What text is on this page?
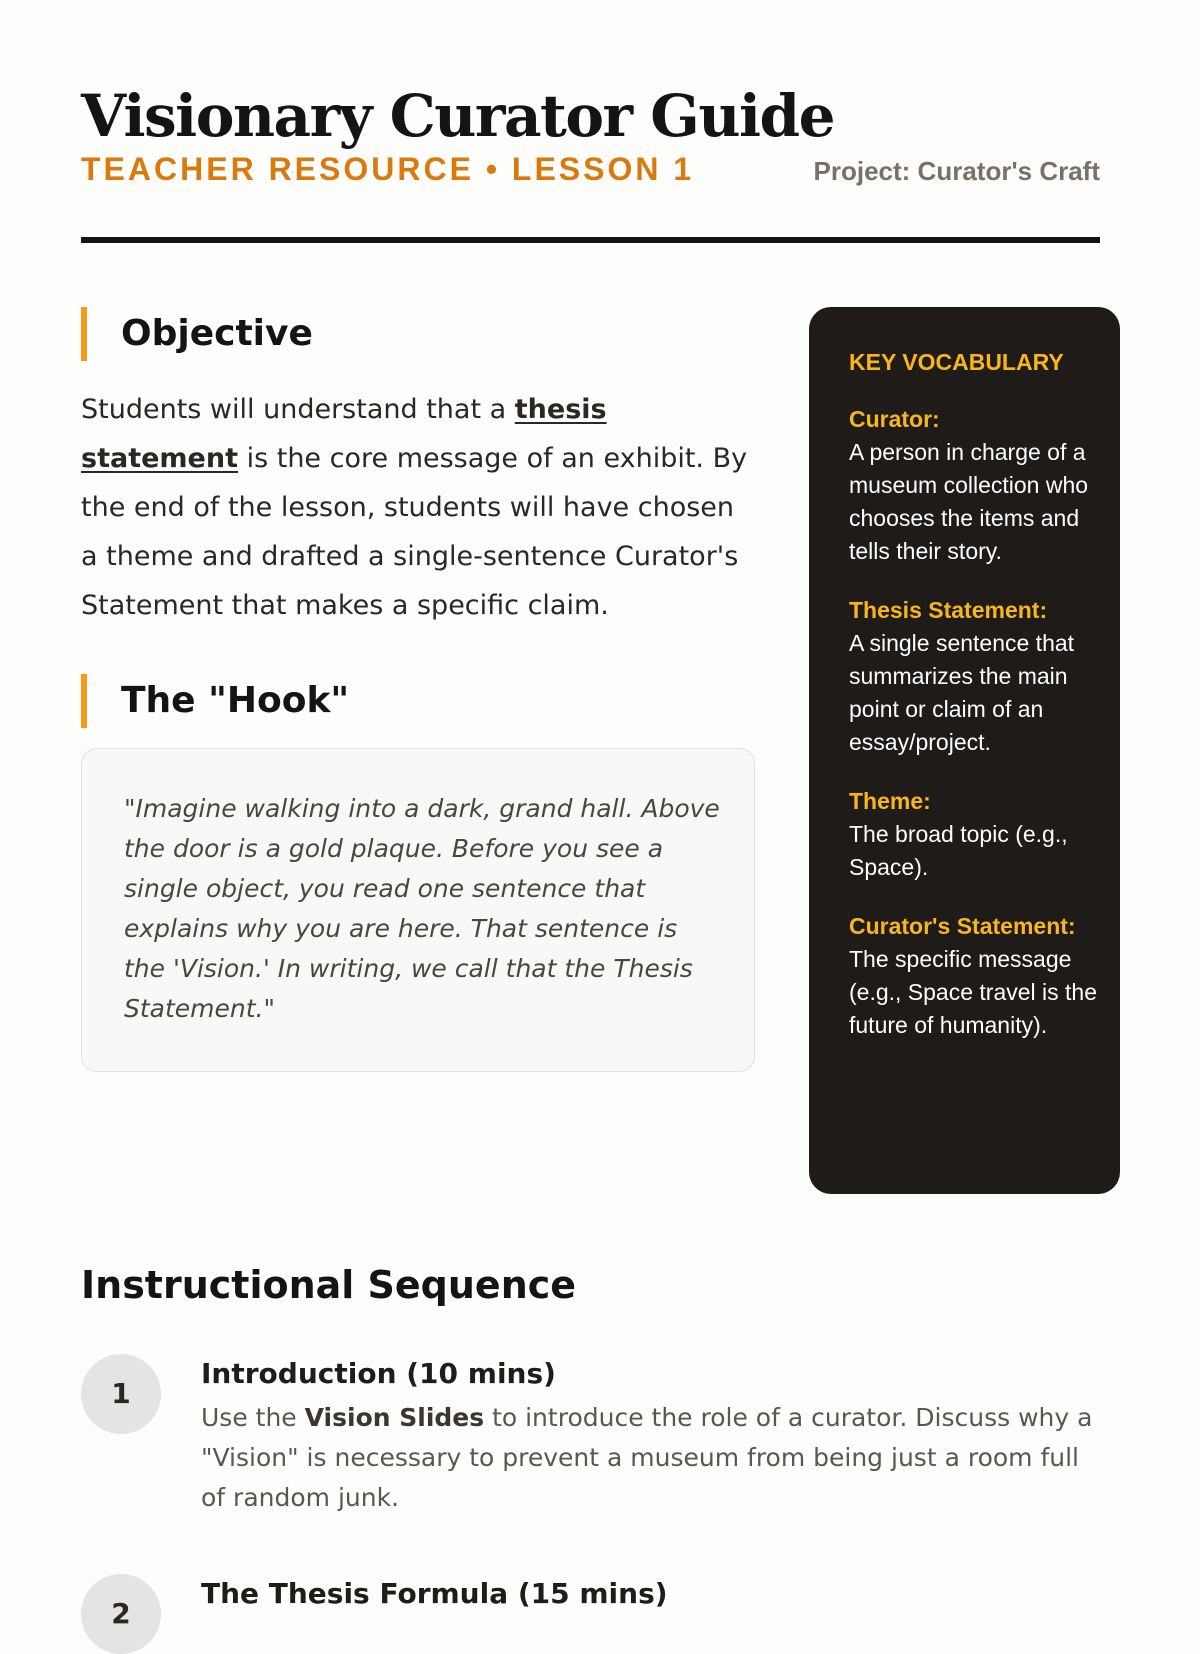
Visionary Curator Guide
TEACHER RESOURCE • LESSON 1	Project: Curator's Craft
Objective

Students will understand that a thesis statement is the core message of an exhibit. By the end of the lesson, students will have chosen a theme and drafted a single-sentence Curator's Statement that makes a specific claim.

The "Hook"

"Imagine walking into a dark, grand hall. Above the door is a gold plaque. Before you see a single object, you read one sentence that explains why you are here. That sentence is the 'Vision.' In writing, we call that the Thesis Statement."

KEY VOCABULARY
Curator:
A person in charge of a museum collection who chooses the items and tells their story.
Thesis Statement:
A single sentence that summarizes the main point or claim of an essay/project.
Theme:
The broad topic (e.g., Space).
Curator's Statement:
The specific message (e.g., Space travel is the future of humanity).
Instructional Sequence
1
Introduction (10 mins)

Use the Vision Slides to introduce the role of a curator. Discuss why a "Vision" is necessary to prevent a museum from being just a room full of random junk.

2
The Thesis Formula (15 mins)
